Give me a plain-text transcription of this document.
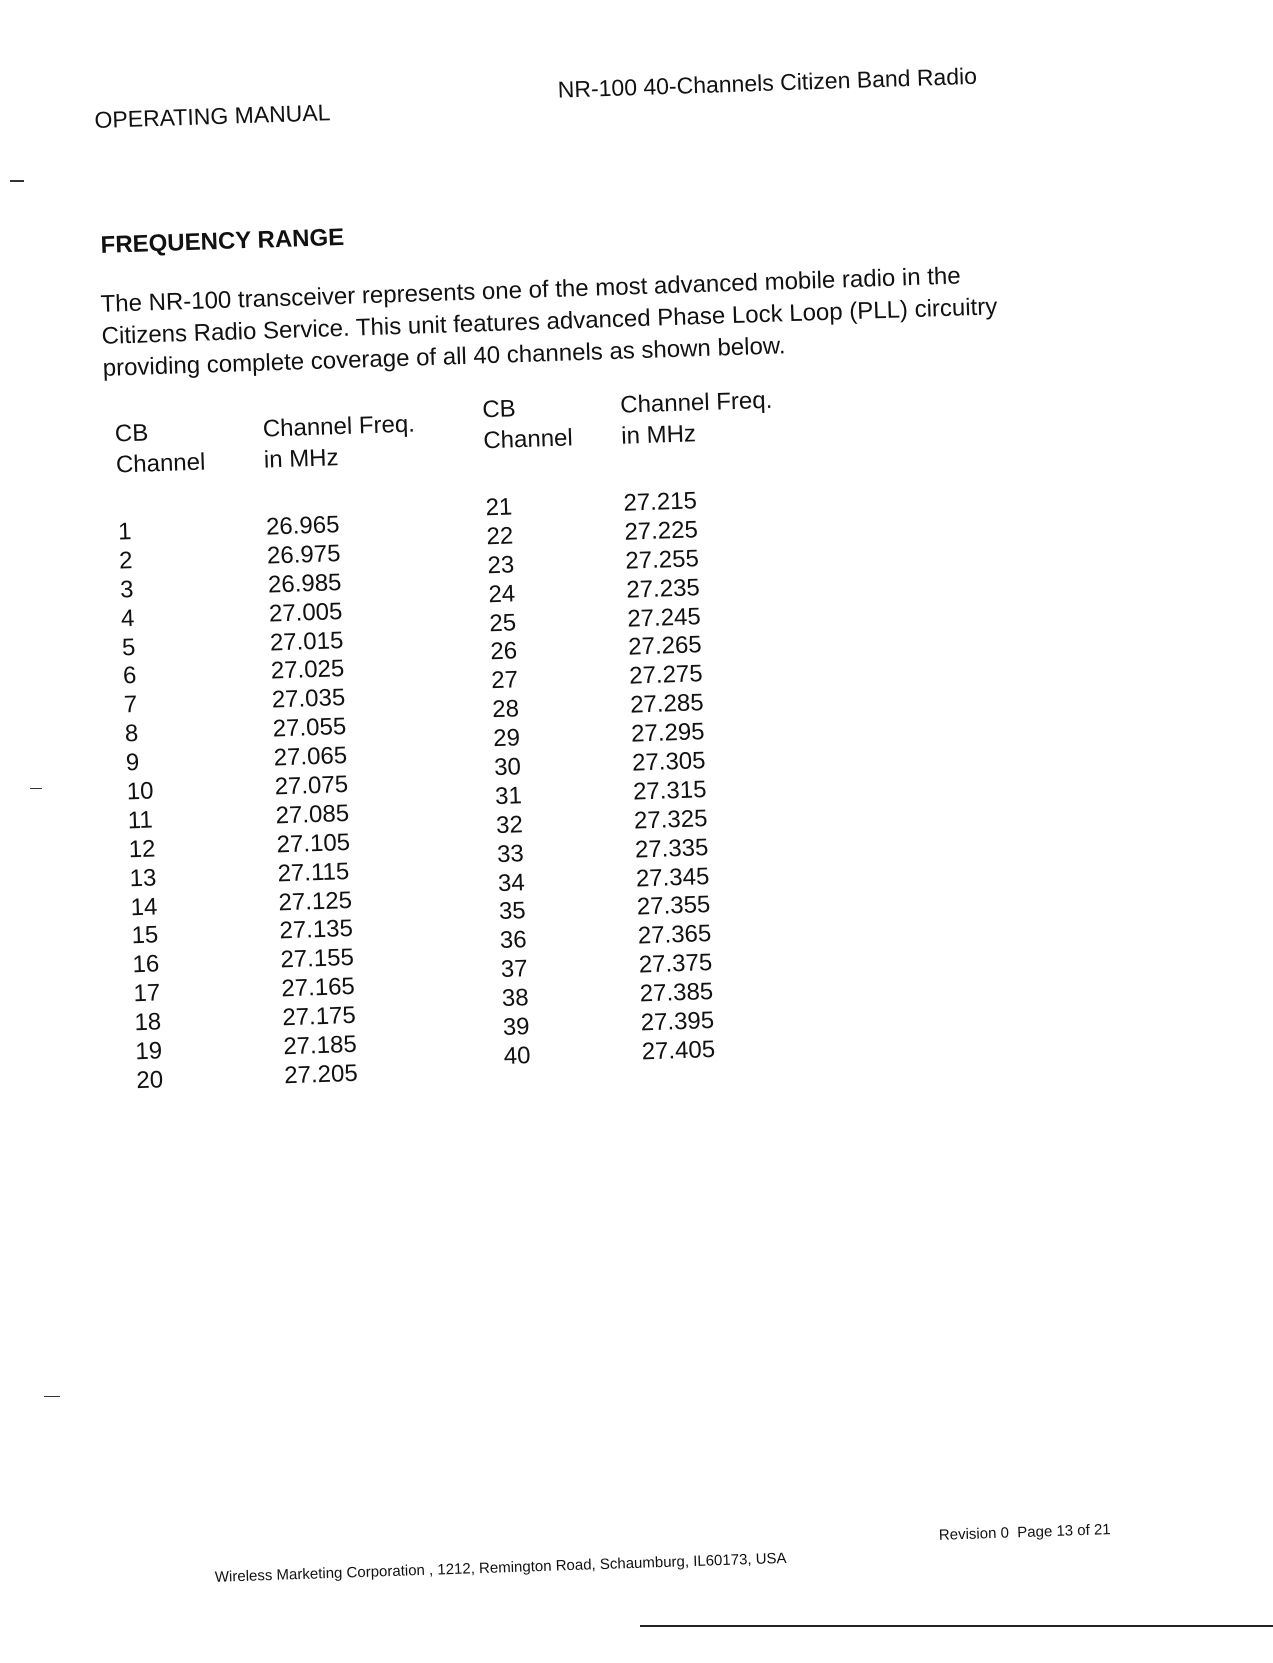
OPERATING MANUAL
NR-100 40-Channels Citizen Band Radio
FREQUENCY RANGE
The NR-100 transceiver represents one of the most advanced mobile radio in the Citizens Radio Service. This unit features advanced Phase Lock Loop (PLL) circuitry providing complete coverage of all 40 channels as shown below.
CB
Channel
1
2
3
4
5
6
7
8
9
10
11
12
13
14
15
16
17
18
19
20
Channel Freq.
in MHz
26.965
26.975
26.985
27.005
27.015
27.025
27.035
27.055
27.065
27.075
27.085
27.105
27.115
27.125
27.135
27.155
27.165
27.175
27.185
27.205
CB
Channel
21
22
23
24
25
26
27
28
29
30
31
32
33
34
35
36
37
38
39
40
Channel Freq.
in MHz
27.215
27.225
27.255
27.235
27.245
27.265
27.275
27.285
27.295
27.305
27.315
27.325
27.335
27.345
27.355
27.365
27.375
27.385
27.395
27.405
Wireless Marketing Corporation , 1212, Remington Road, Schaumburg, IL60173, USA
Revision 0 Page 13 of 21
